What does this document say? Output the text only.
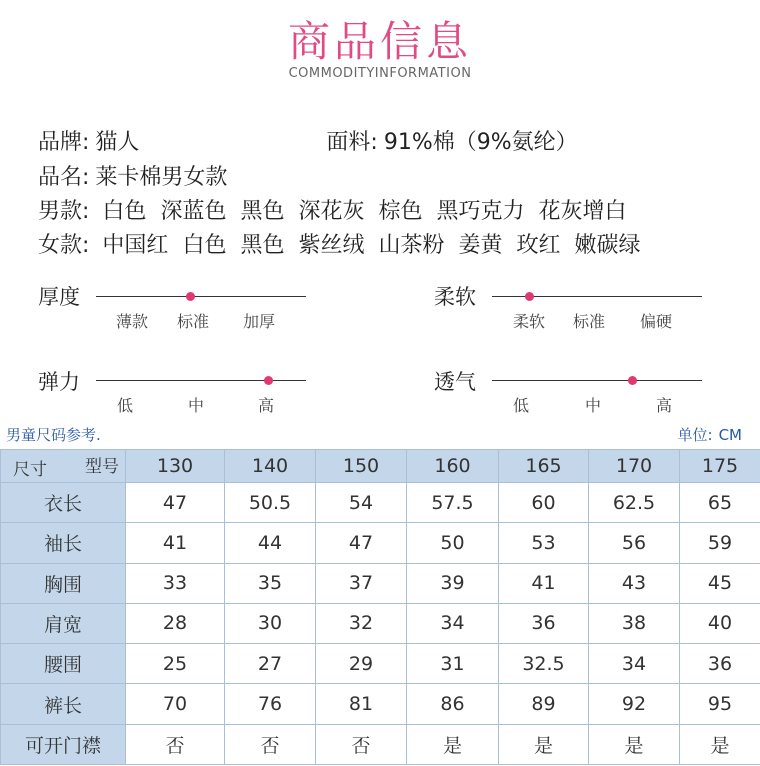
商品信息
COMMODITYINFORMATION
品牌: 猫人	面料: 91%棉（9%氨纶）
品名: 莱卡棉男女款
男款: 白色 深蓝色 黑色 深花灰 棕色 黑巧克力 花灰增白
女款: 中国红 白色 黑色 紫丝绒 山茶粉 姜黄 玫红 嫩碳绿
厚度
薄款 标准 加厚
柔软
柔软 标准 偏硬
弹力
低	中	高
透气
低	中	高
男童尺码参考.	单位: CM
型号
尺寸	130	140	150	160	165	170	175
衣长	47	50.5	54	57.5	60	62.5	65
袖长	41	44	47	50	53	56	59
胸围	33	35	37	39	41	43	45
肩宽	28	30	32	34	36	38	40
腰围	25	27	29	31	32.5	34	36
裤长	70	76	81	86	89	92	95
可开门襟	否	否	否	是	是	是	是
